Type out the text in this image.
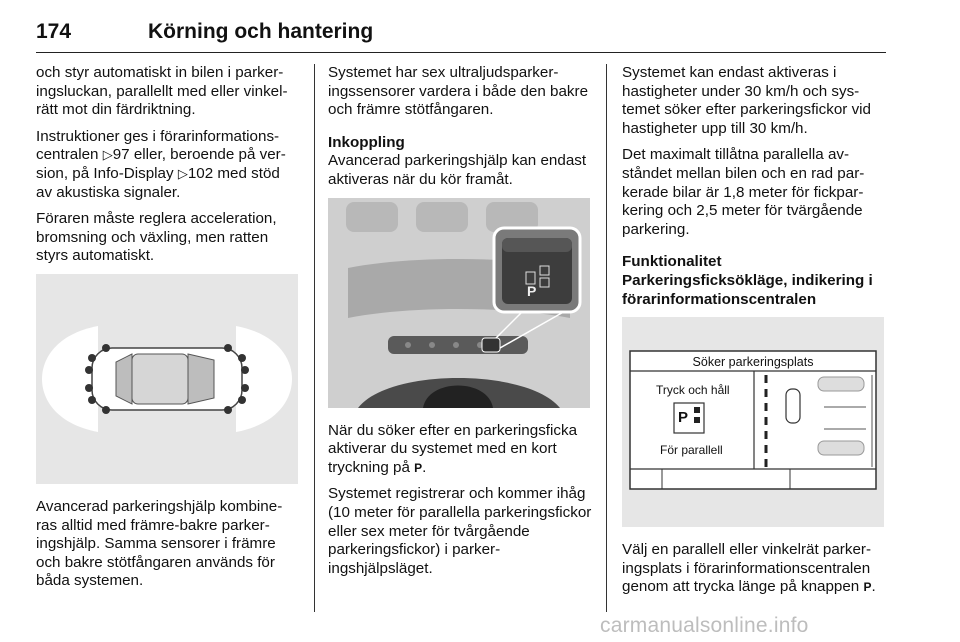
174	Körning och hantering

och styr automatiskt in bilen i parkeringsluckan, parallellt med eller vinkelrätt mot din färdriktning.

Instruktioner ges i förarinformationscentralen ▷97 eller, beroende på version, på Info-Display ▷102 med stöd av akustiska signaler.

Föraren måste reglera acceleration, bromsning och växling, men ratten styrs automatiskt.

Avancerad parkeringshjälp kombineras alltid med främre-bakre parkeringshjälp. Samma sensorer i främre och bakre stötfångaren används för båda systemen.

Systemet har sex ultraljudsparkeringssensorer vardera i både den bakre och främre stötfångaren.

Inkoppling

Avancerad parkeringshjälp kan endast aktiveras när du kör framåt.

P

När du söker efter en parkeringsficka aktiverar du systemet med en kort tryckning på P.

Systemet registrerar och kommer ihåg (10 meter för parallella parkeringsfickor eller sex meter för tvårgående parkeringsfickor) i parkeringshjälpsläget.

Systemet kan endast aktiveras i hastigheter under 30 km/h och systemet söker efter parkeringsfickor vid hastigheter upp till 30 km/h.

Det maximalt tillåtna parallella avståndet mellan bilen och en rad parkerade bilar är 1,8 meter för fickparkering och 2,5 meter för tvärgående parkering.

Funktionalitet
Parkeringsficksökläge, indikering i förarinformationscentralen
Söker parkeringsplats
Tryck och håll
P
För parallell

Välj en parallell eller vinkelrät parkeringsplats i förarinformationscentralen genom att trycka länge på knappen P.

carmanualsonline.info
